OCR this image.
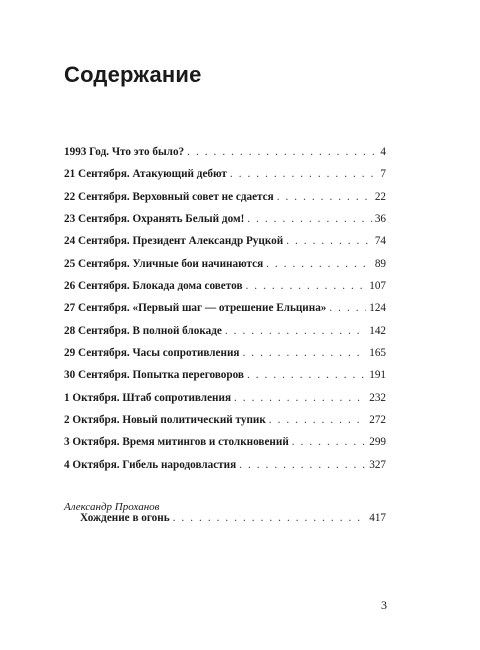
Содержание
1993 Год. Что это было? . . .	4
21 Сентября. Атакующий дебют . . .	7
22 Сентября. Верховный совет не сдается . . .	22
23 Сентября. Охранять Белый дом! . . .	36
24 Сентября. Президент Александр Руцкой . . .	74
25 Сентября. Уличные бои начинаются . . .	89
26 Сентября. Блокада дома советов . . .	107
27 Сентября. «Первый шаг — отрешение Ельцина» . . .	124
28 Сентября. В полной блокаде . . .	142
29 Сентября. Часы сопротивления . . .	165
30 Сентября. Попытка переговоров . . .	191
1 Октября. Штаб сопротивления . . .	232
2 Октября. Новый политический тупик . . .	272
3 Октября. Время митингов и столкновений . . .	299
4 Октября. Гибель народовластия . . .	327
Александр Проханов
Хождение в огонь . . .	417
3
